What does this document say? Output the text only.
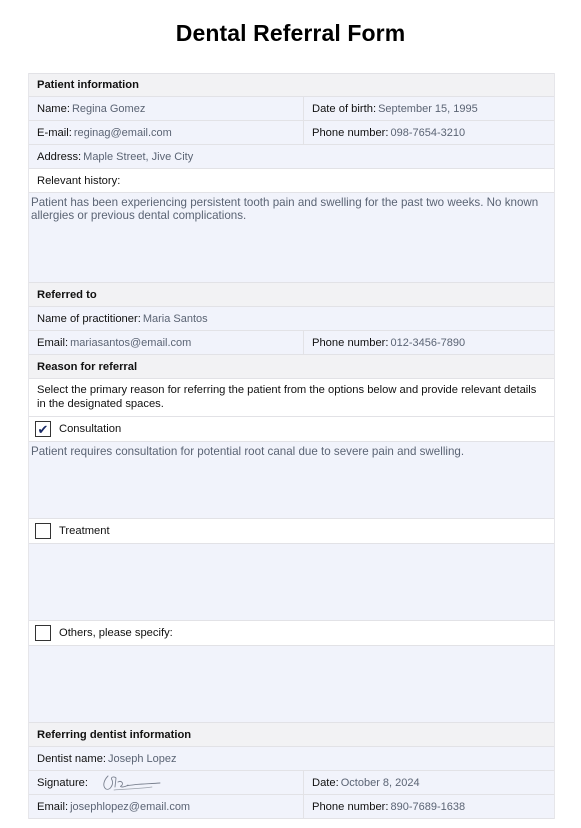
Dental Referral Form
Patient information
Name: Regina Gomez	Date of birth: September 15, 1995
E-mail: reginag@email.com	Phone number: 098-7654-3210
Address: Maple Street, Jive City
Relevant history:
Patient has been experiencing persistent tooth pain and swelling for the past two weeks. No known allergies or previous dental complications.
Referred to
Name of practitioner: Maria Santos
Email: mariasantos@email.com	Phone number: 012-3456-7890
Reason for referral
Select the primary reason for referring the patient from the options below and provide relevant details in the designated spaces.
✔ Consultation
Patient requires consultation for potential root canal due to severe pain and swelling.
Treatment
Others, please specify:
Referring dentist information
Dentist name: Joseph Lopez
Signature:	Date: October 8, 2024
Email: josephlopez@email.com	Phone number: 890-7689-1638
